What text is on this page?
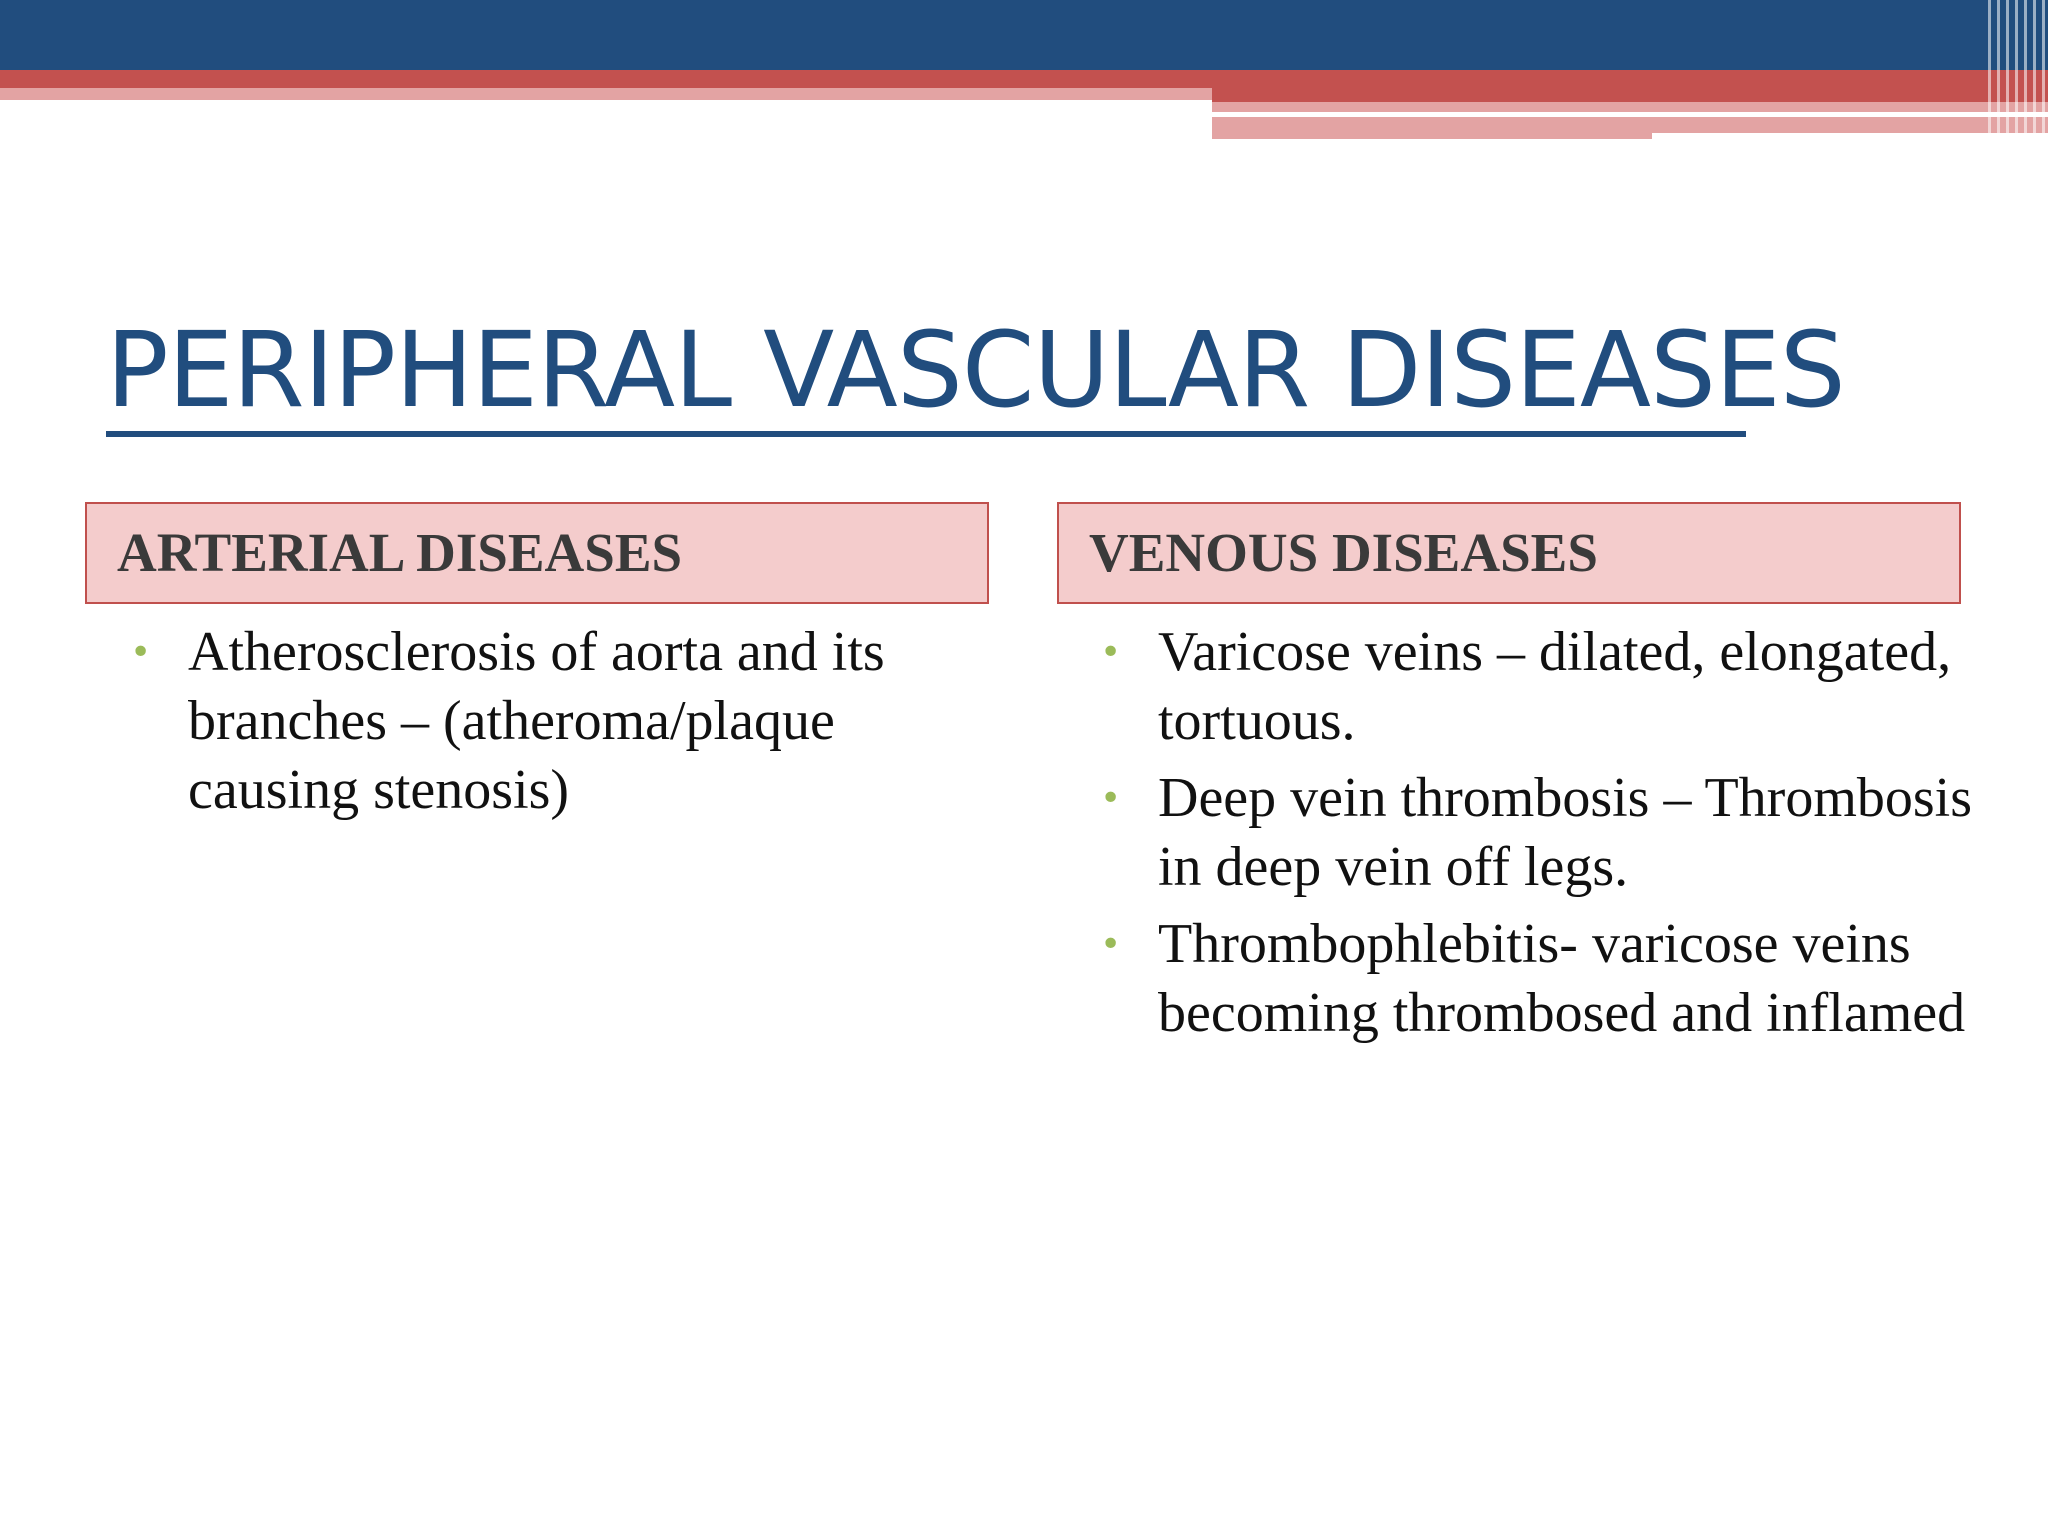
PERIPHERAL VASCULAR DISEASES
ARTERIAL DISEASES	VENOUS DISEASES
• Atherosclerosis of aorta and its branches – (atheroma/plaque causing stenosis)
• Varicose veins – dilated, elongated, tortuous.
• Deep vein thrombosis – Thrombosis in deep vein off legs.
• Thrombophlebitis- varicose veins becoming thrombosed and inflamed
